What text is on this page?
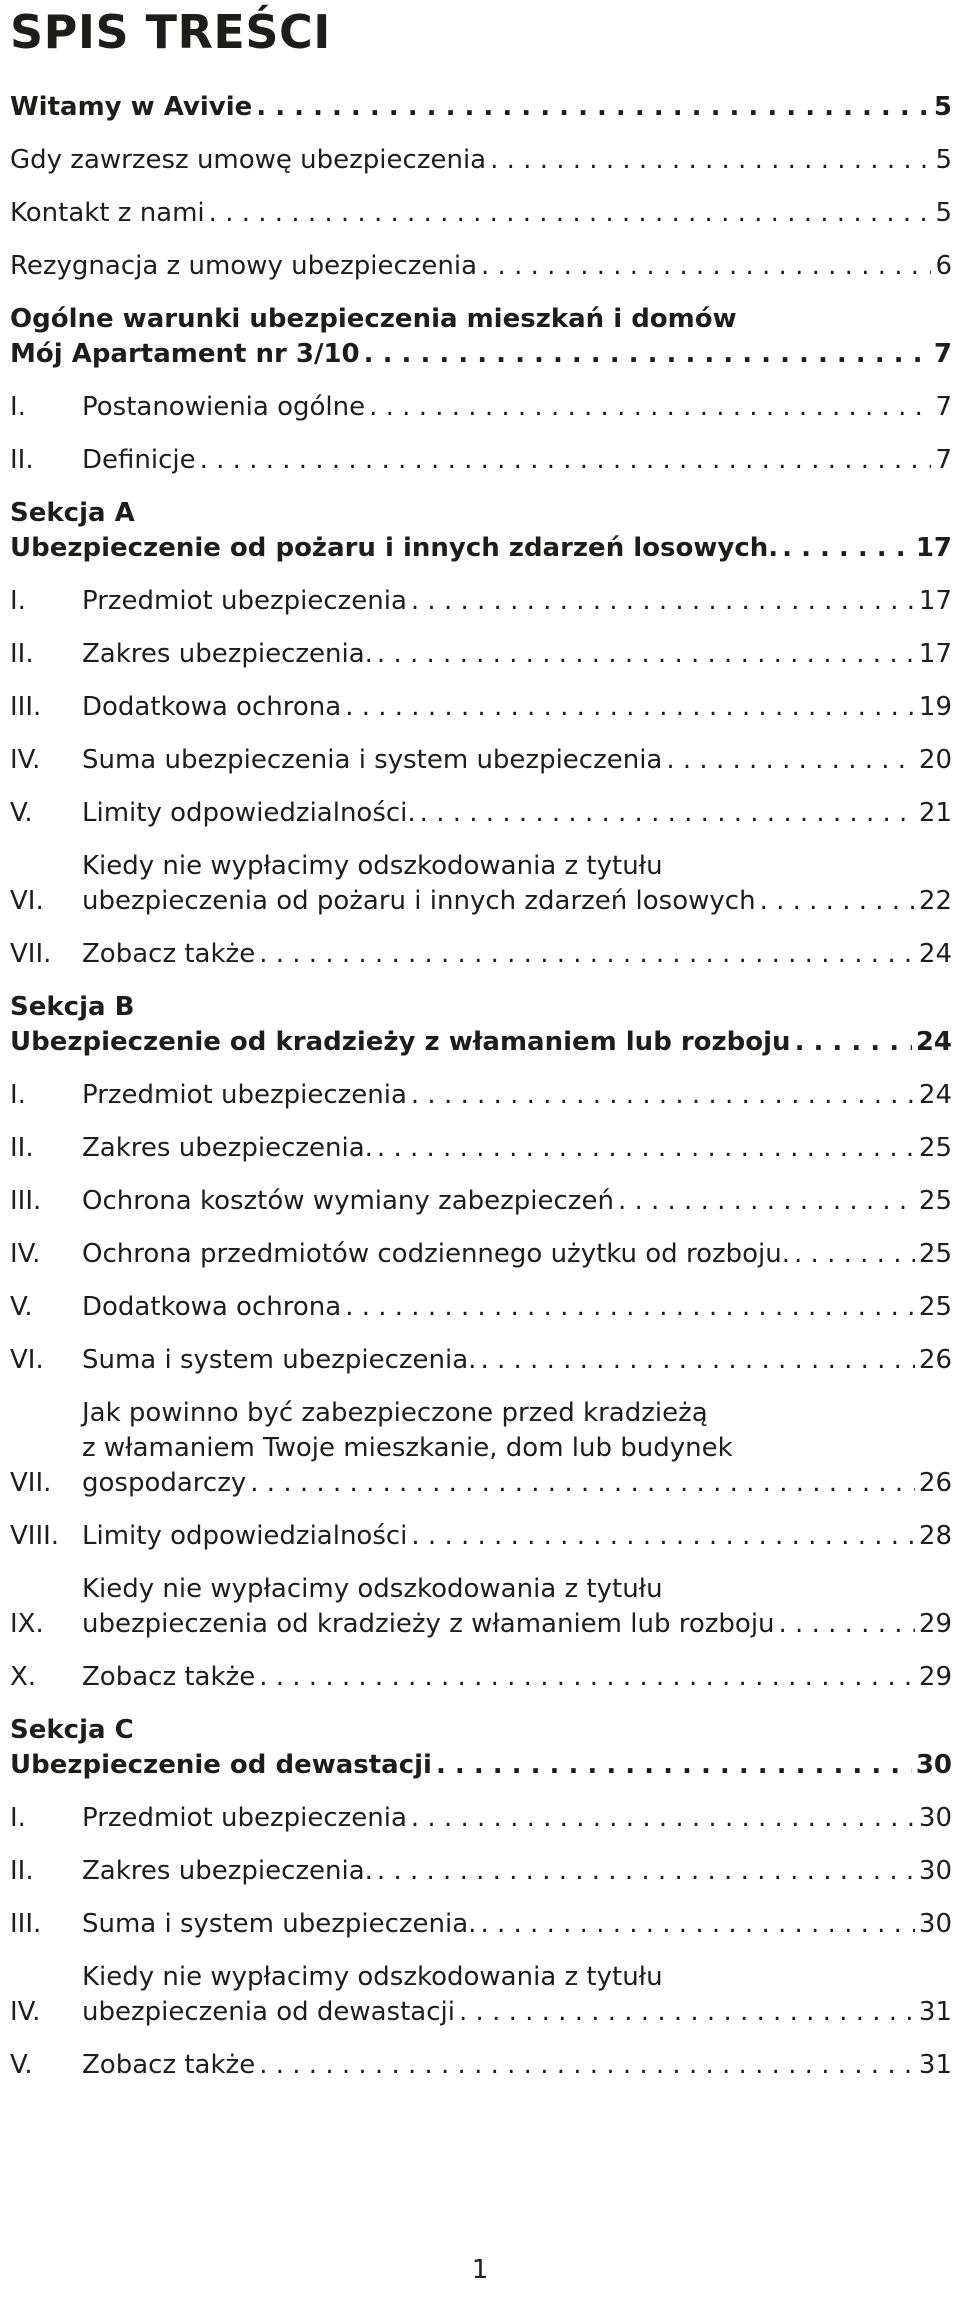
SPIS TREŚCI
Witamy w Avivie . . .	5
Gdy zawrzesz umowę ubezpieczenia . . .	5
Kontakt z nami . . .	5
Rezygnacja z umowy ubezpieczenia . . .	6
Ogólne warunki ubezpieczenia mieszkań i domów
Mój Apartament nr 3/10 . . .	7
I.	Postanowienia ogólne . . .	7
II.	Definicje . . .	7
Sekcja A
Ubezpieczenie od pożaru i innych zdarzeń losowych. . . .	17
I.	Przedmiot ubezpieczenia . . .	17
II.	Zakres ubezpieczenia. . . .	17
III.	Dodatkowa ochrona . . .	19
IV.	Suma ubezpieczenia i system ubezpieczenia . . .	20
V.	Limity odpowiedzialności. . . .	21
VI.
Kiedy nie wypłacimy odszkodowania z tytułu
ubezpieczenia od pożaru i innych zdarzeń losowych . . .	22
VII.	Zobacz także . . .	24
Sekcja B
Ubezpieczenie od kradzieży z włamaniem lub rozboju . . .	24
I.	Przedmiot ubezpieczenia . . .	24
II.	Zakres ubezpieczenia. . . .	25
III.	Ochrona kosztów wymiany zabezpieczeń . . .	25
IV.	Ochrona przedmiotów codziennego użytku od rozboju. . . .	25
V.	Dodatkowa ochrona . . .	25
VI.	Suma i system ubezpieczenia. . . .	26
VII.
Jak powinno być zabezpieczone przed kradzieżą
z włamaniem Twoje mieszkanie, dom lub budynek
gospodarczy . . .	26
VIII. Limity odpowiedzialności . . .	28
IX.
Kiedy nie wypłacimy odszkodowania z tytułu
ubezpieczenia od kradzieży z włamaniem lub rozboju . . .	29
X.	Zobacz także . . .	29
Sekcja C
Ubezpieczenie od dewastacji . . .	30
I.	Przedmiot ubezpieczenia . . .	30
II.	Zakres ubezpieczenia. . . .	30
III.	Suma i system ubezpieczenia. . . .	30
IV.
Kiedy nie wypłacimy odszkodowania z tytułu
ubezpieczenia od dewastacji . . .	31
V.	Zobacz także . . .	31
1
